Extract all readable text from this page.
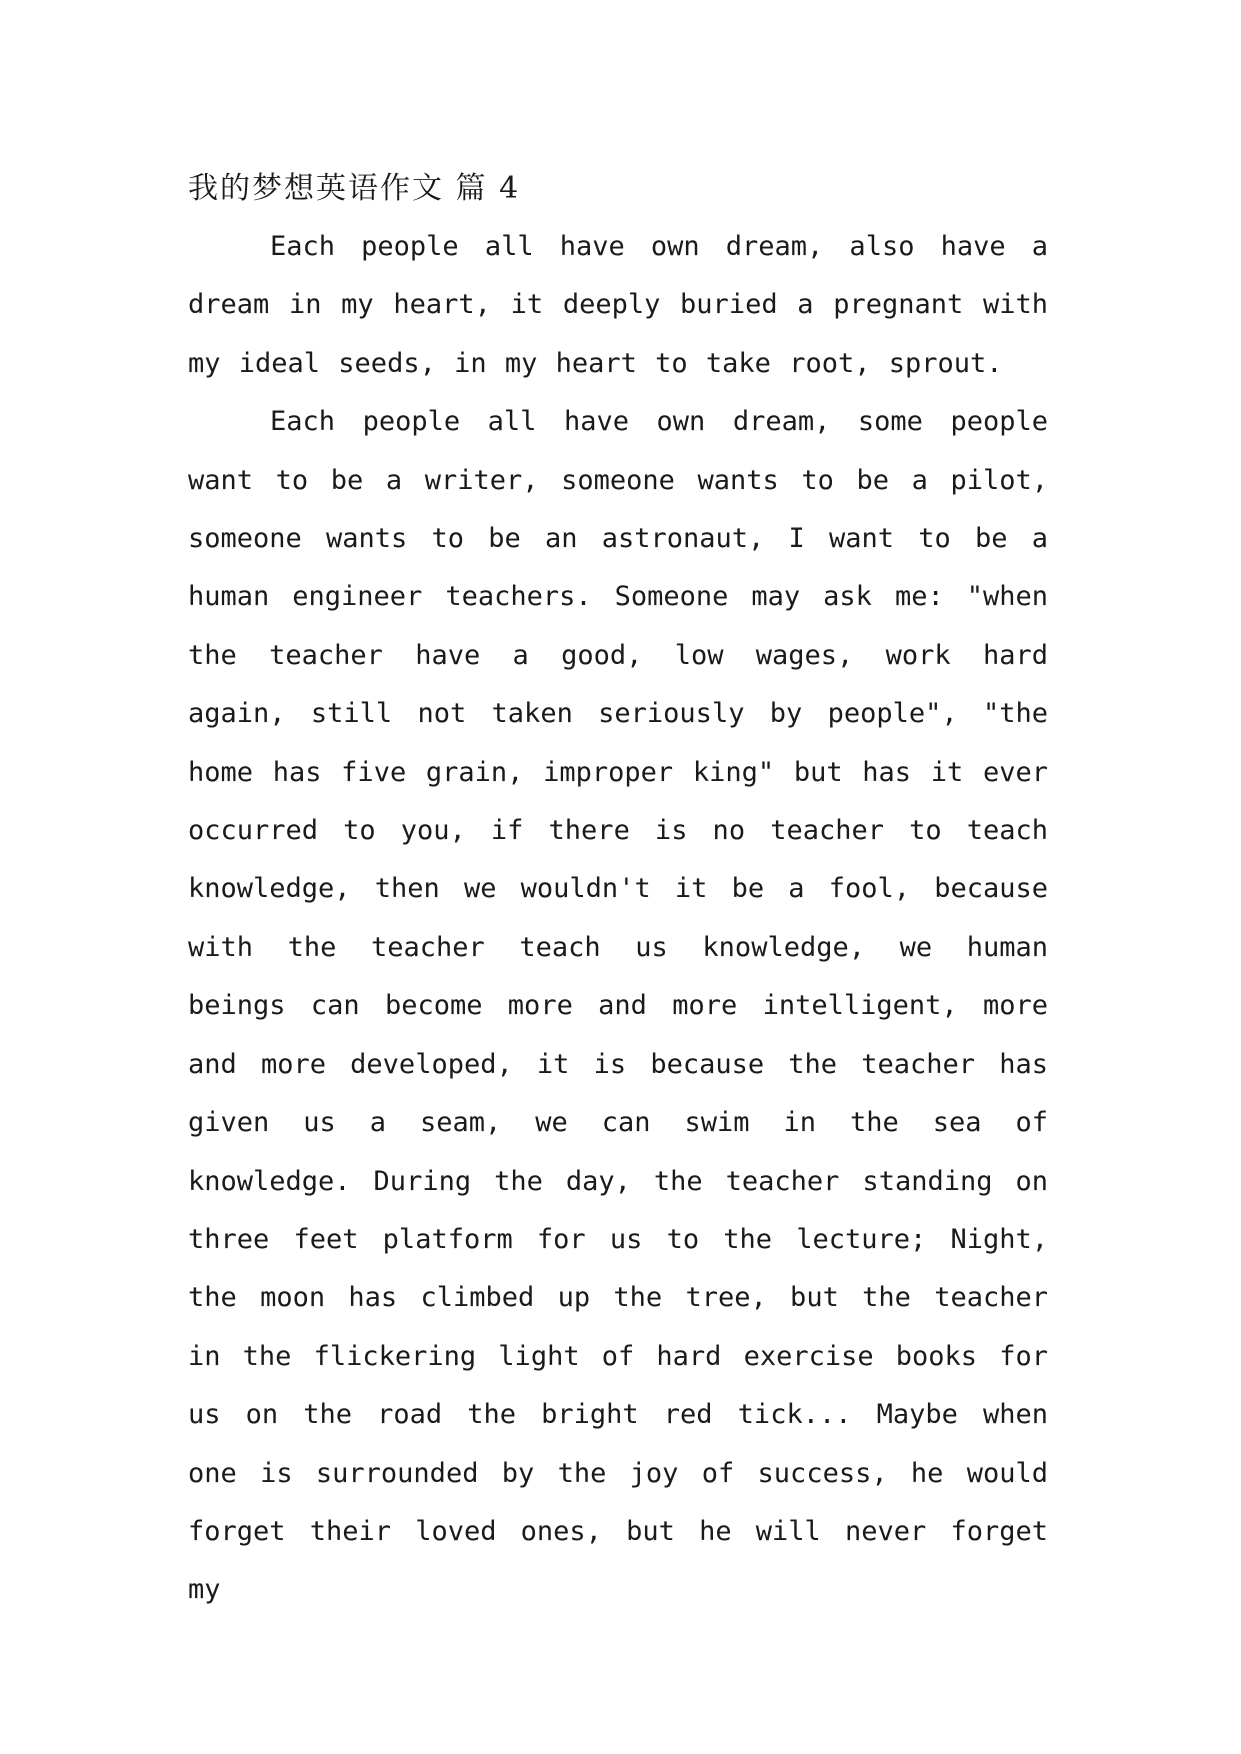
我的梦想英语作文 篇 4

Each people all have own dream, also have a dream in my heart, it deeply buried a pregnant with my ideal seeds, in my heart to take root, sprout.

Each people all have own dream, some people want to be a writer, someone wants to be a pilot, someone wants to be an astronaut, I want to be a human engineer teachers. Someone may ask me: "when the teacher have a good, low wages, work hard again, still not taken seriously by people", "the home has five grain, improper king" but has it ever occurred to you, if there is no teacher to teach knowledge, then we wouldn't it be a fool, because with the teacher teach us knowledge, we human beings can become more and more intelligent, more and more developed, it is because the teacher has given us a seam, we can swim in the sea of knowledge. During the day, the teacher standing on three feet platform for us to the lecture; Night, the moon has climbed up the tree, but the teacher in the flickering light of hard exercise books for us on the road the bright red tick... Maybe when one is surrounded by the joy of success, he would forget their loved ones, but he will never forget my
